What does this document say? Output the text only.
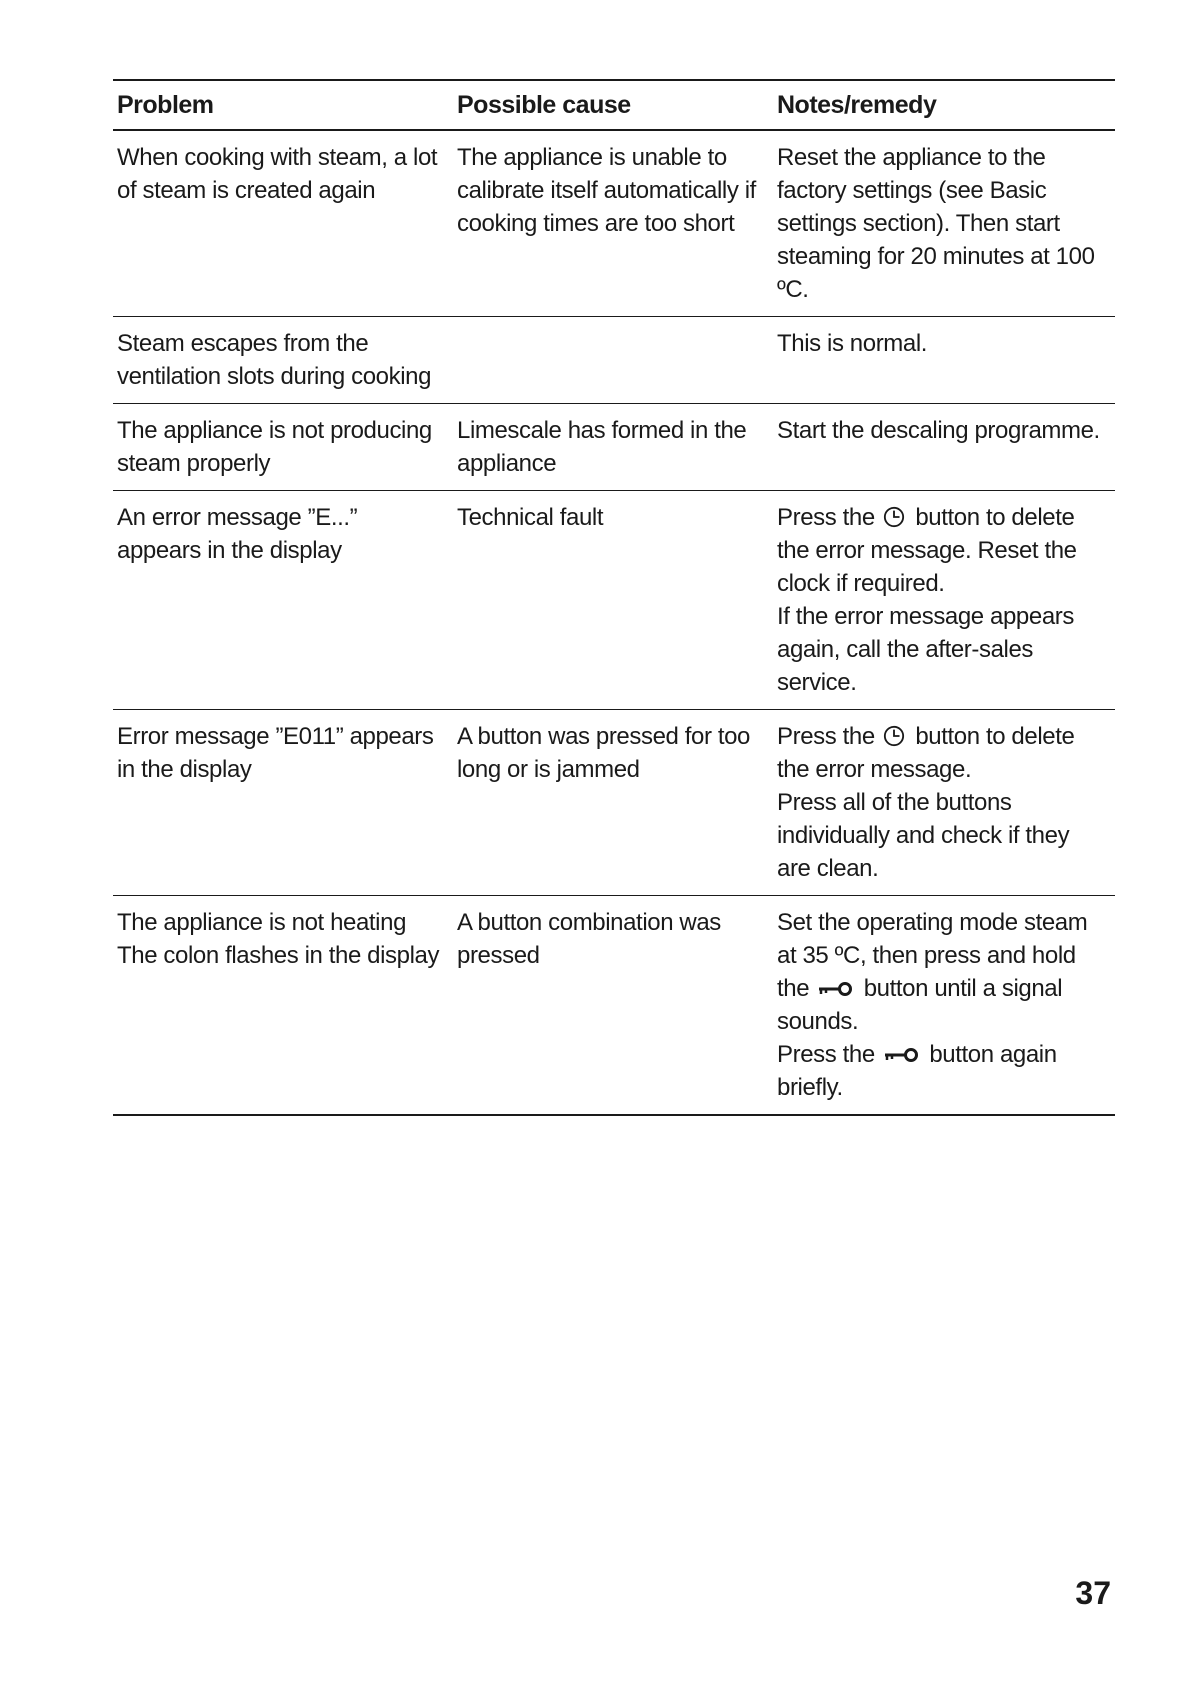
Problem	Possible cause	Notes/remedy
When cooking with steam, a lot of steam is created again	The appliance is unable to calibrate itself automatically if cooking times are too short	Reset the appliance to the factory settings (see Basic settings section). Then start steaming for 20 minutes at 100 ºC.
Steam escapes from the ventilation slots during cooking		This is normal.
The appliance is not producing steam properly	Limescale has formed in the appliance	Start the descaling programme.
An error message ”E...” appears in the display	Technical fault	Press the button to delete the error message. Reset the clock if required.
If the error message appears again, call the after-sales service.

Error message ”E011” appears in the display	A button was pressed for too long or is jammed	Press the button to delete the error message.
Press all of the buttons individually and check if they are clean.

The appliance is not heating The colon flashes in the display	A button combination was pressed	Set the operating mode steam at 35 ºC, then press and hold the button until a signal sounds.
Press the button again briefly.
37
